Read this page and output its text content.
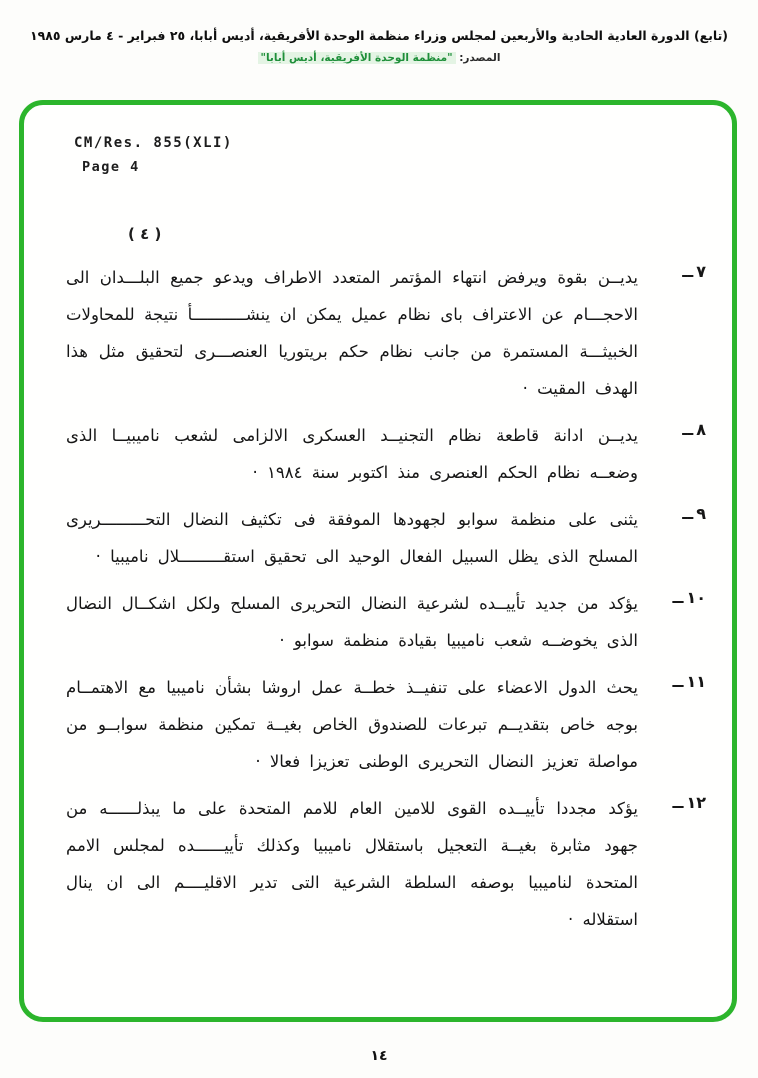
(تابع) الدورة العادية الحادية والأربعين لمجلس وزراء منظمة الوحدة الأفريقية، أديس أبابا، ٢٥ فبراير - ٤ مارس ١٩٨٥
المصدر: "منظمة الوحدة الأفريقية، أديس أبابا"
CM/Res. 855(XLI)
Page 4
( ٤ )
٧
ــ
يديــن بقوة ويرفض انتهاء المؤتمر المتعدد الاطراف ويدعو جميع البلـــدان الى الاحجـــام عن الاعتراف باى نظام عميل يمكن ان ينشـــــــــــأ نتيجة للمحاولات الخبيثـــة المستمرة من جانب نظام حكم بريتوريا العنصـــرى لتحقيق مثل هذا الهدف المقيت ·
٨
ــ
يديــن ادانة قاطعة نظام التجنيــد العسكرى الالزامى لشعب ناميبيــا الذى وضعــه نظام الحكم العنصرى منذ اكتوبر سنة ١٩٨٤ ·
٩
ــ
يثنى على منظمة سوابو لجهودها الموفقة فى تكثيف النضال التحـــــــــريرى المسلح الذى يظل السبيل الفعال الوحيد الى تحقيق استقـــــــــلال ناميبيا ·
١٠
ــ
يؤكد من جديد تأييــده لشرعية النضال التحريرى المسلح ولكل اشكــال النضال الذى يخوضــه شعب ناميبيا بقيادة منظمة سوابو ·
١١
ــ
يحث الدول الاعضاء على تنفيــذ خطــة عمل اروشا بشأن ناميبيا مع الاهتمــام بوجه خاص بتقديــم تبرعات للصندوق الخاص بغيــة تمكين منظمة سوابــو من مواصلة تعزيز النضال التحريرى الوطنى تعزيزا فعالا ·
١٢
ــ
يؤكد مجددا تأييــده القوى للامين العام للامم المتحدة على ما يبذلــــــه من جهود مثابرة بغيــة التعجيل باستقلال ناميبيا وكذلك تأييــــــده لمجلس الامم المتحدة لناميبيا بوصفه السلطة الشرعية التى تدير الاقليــــم الى ان ينال استقلاله ·
١٤
